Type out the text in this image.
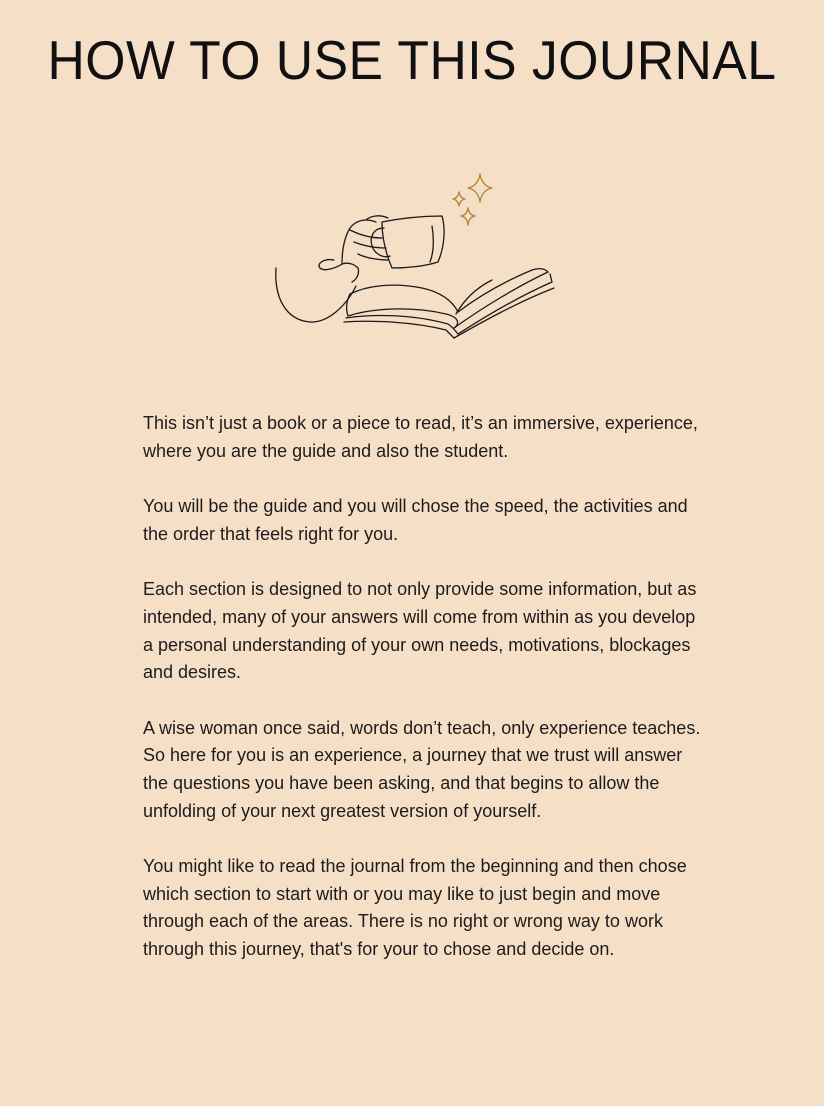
HOW TO USE THIS JOURNAL

This isn’t just a book or a piece to read, it’s an immersive, experience, where you are the guide and also the student.

You will be the guide and you will chose the speed, the activities and the order that feels right for you.

Each section is designed to not only provide some information, but as intended, many of your answers will come from within as you develop a personal understanding of your own needs, motivations, blockages and desires.

A wise woman once said, words don’t teach, only experience teaches. So here for you is an experience, a journey that we trust will answer the questions you have been asking, and that begins to allow the unfolding of your next greatest version of yourself.

You might like to read the journal from the beginning and then chose which section to start with or you may like to just begin and move through each of the areas. There is no right or wrong way to work through this journey, that's for your to chose and decide on.
